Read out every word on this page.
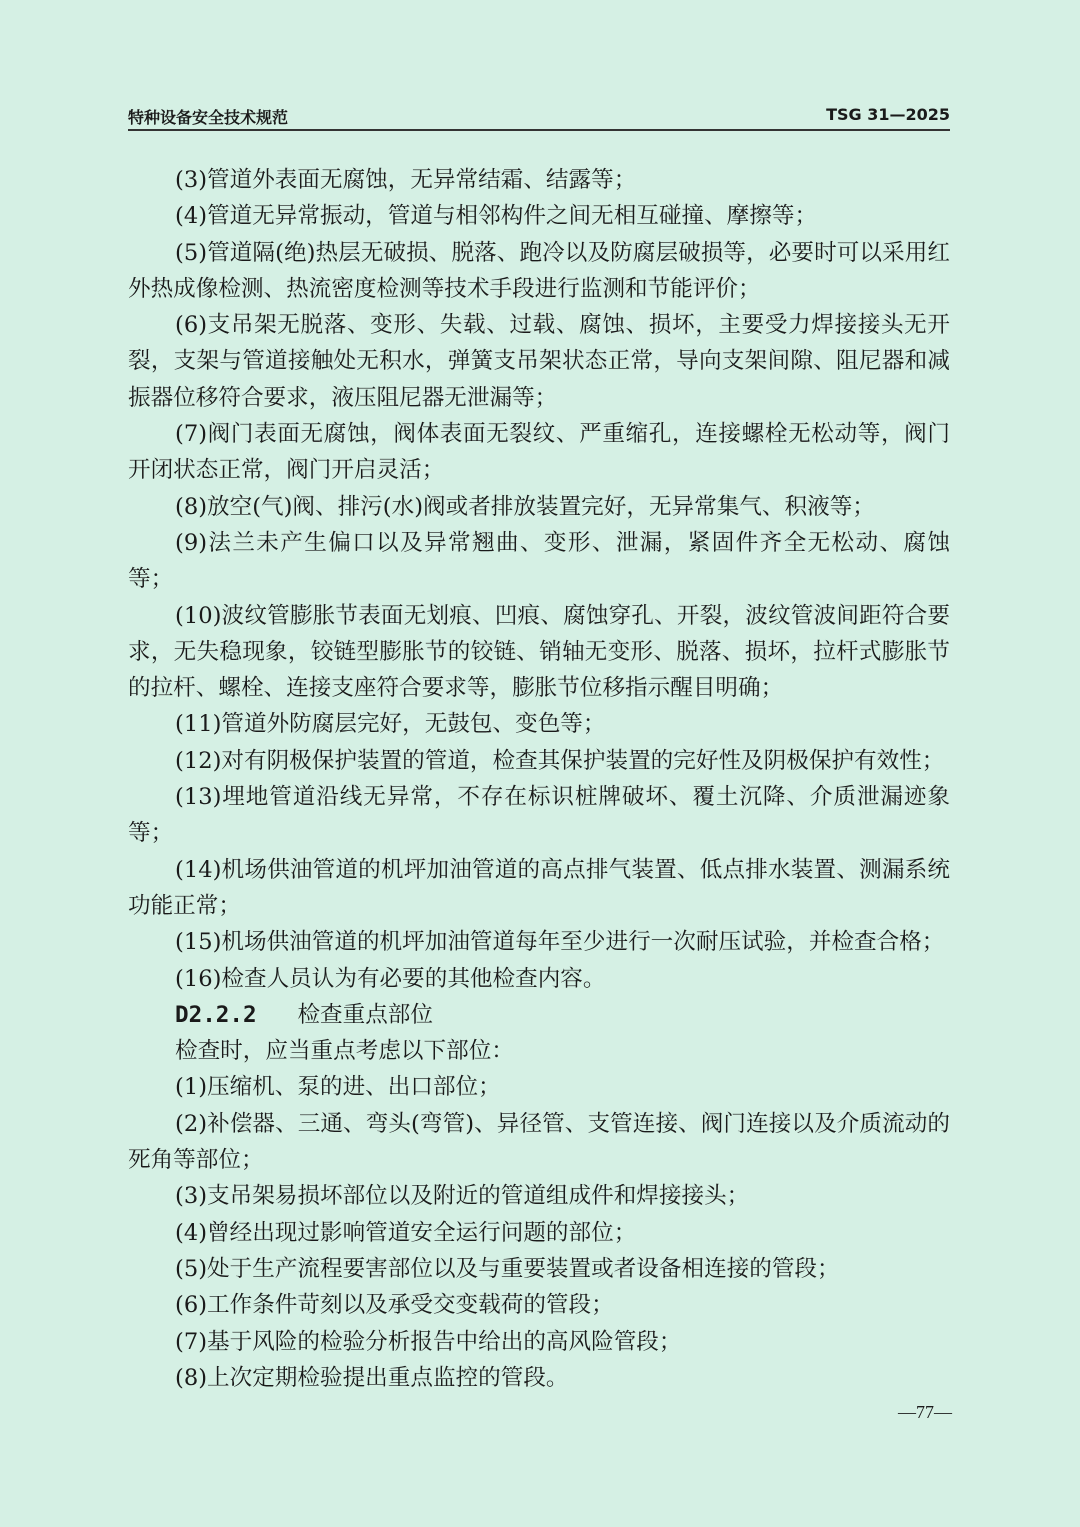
特种设备安全技术规范	TSG 31—2025

(3)管道外表面无腐蚀，无异常结霜、结露等；

(4)管道无异常振动，管道与相邻构件之间无相互碰撞、摩擦等；

(5)管道隔(绝)热层无破损、脱落、跑冷以及防腐层破损等，必要时可以采用红外热成像检测、热流密度检测等技术手段进行监测和节能评价；

(6)支吊架无脱落、变形、失载、过载、腐蚀、损坏，主要受力焊接接头无开裂，支架与管道接触处无积水，弹簧支吊架状态正常，导向支架间隙、阻尼器和减振器位移符合要求，液压阻尼器无泄漏等；

(7)阀门表面无腐蚀，阀体表面无裂纹、严重缩孔，连接螺栓无松动等，阀门开闭状态正常，阀门开启灵活；

(8)放空(气)阀、排污(水)阀或者排放装置完好，无异常集气、积液等；

(9)法兰未产生偏口以及异常翘曲、变形、泄漏，紧固件齐全无松动、腐蚀等；

(10)波纹管膨胀节表面无划痕、凹痕、腐蚀穿孔、开裂，波纹管波间距符合要求，无失稳现象，铰链型膨胀节的铰链、销轴无变形、脱落、损坏，拉杆式膨胀节的拉杆、螺栓、连接支座符合要求等，膨胀节位移指示醒目明确；

(11)管道外防腐层完好，无鼓包、变色等；

(12)对有阴极保护装置的管道，检查其保护装置的完好性及阴极保护有效性；

(13)埋地管道沿线无异常，不存在标识桩牌破坏、覆土沉降、介质泄漏迹象等；

(14)机场供油管道的机坪加油管道的高点排气装置、低点排水装置、测漏系统功能正常；

(15)机场供油管道的机坪加油管道每年至少进行一次耐压试验，并检查合格；

(16)检查人员认为有必要的其他检查内容。

D2.2.2 检查重点部位

检查时，应当重点考虑以下部位：

(1)压缩机、泵的进、出口部位；

(2)补偿器、三通、弯头(弯管)、异径管、支管连接、阀门连接以及介质流动的死角等部位；

(3)支吊架易损坏部位以及附近的管道组成件和焊接接头；

(4)曾经出现过影响管道安全运行问题的部位；

(5)处于生产流程要害部位以及与重要装置或者设备相连接的管段；

(6)工作条件苛刻以及承受交变载荷的管段；

(7)基于风险的检验分析报告中给出的高风险管段；

(8)上次定期检验提出重点监控的管段。

—77—
